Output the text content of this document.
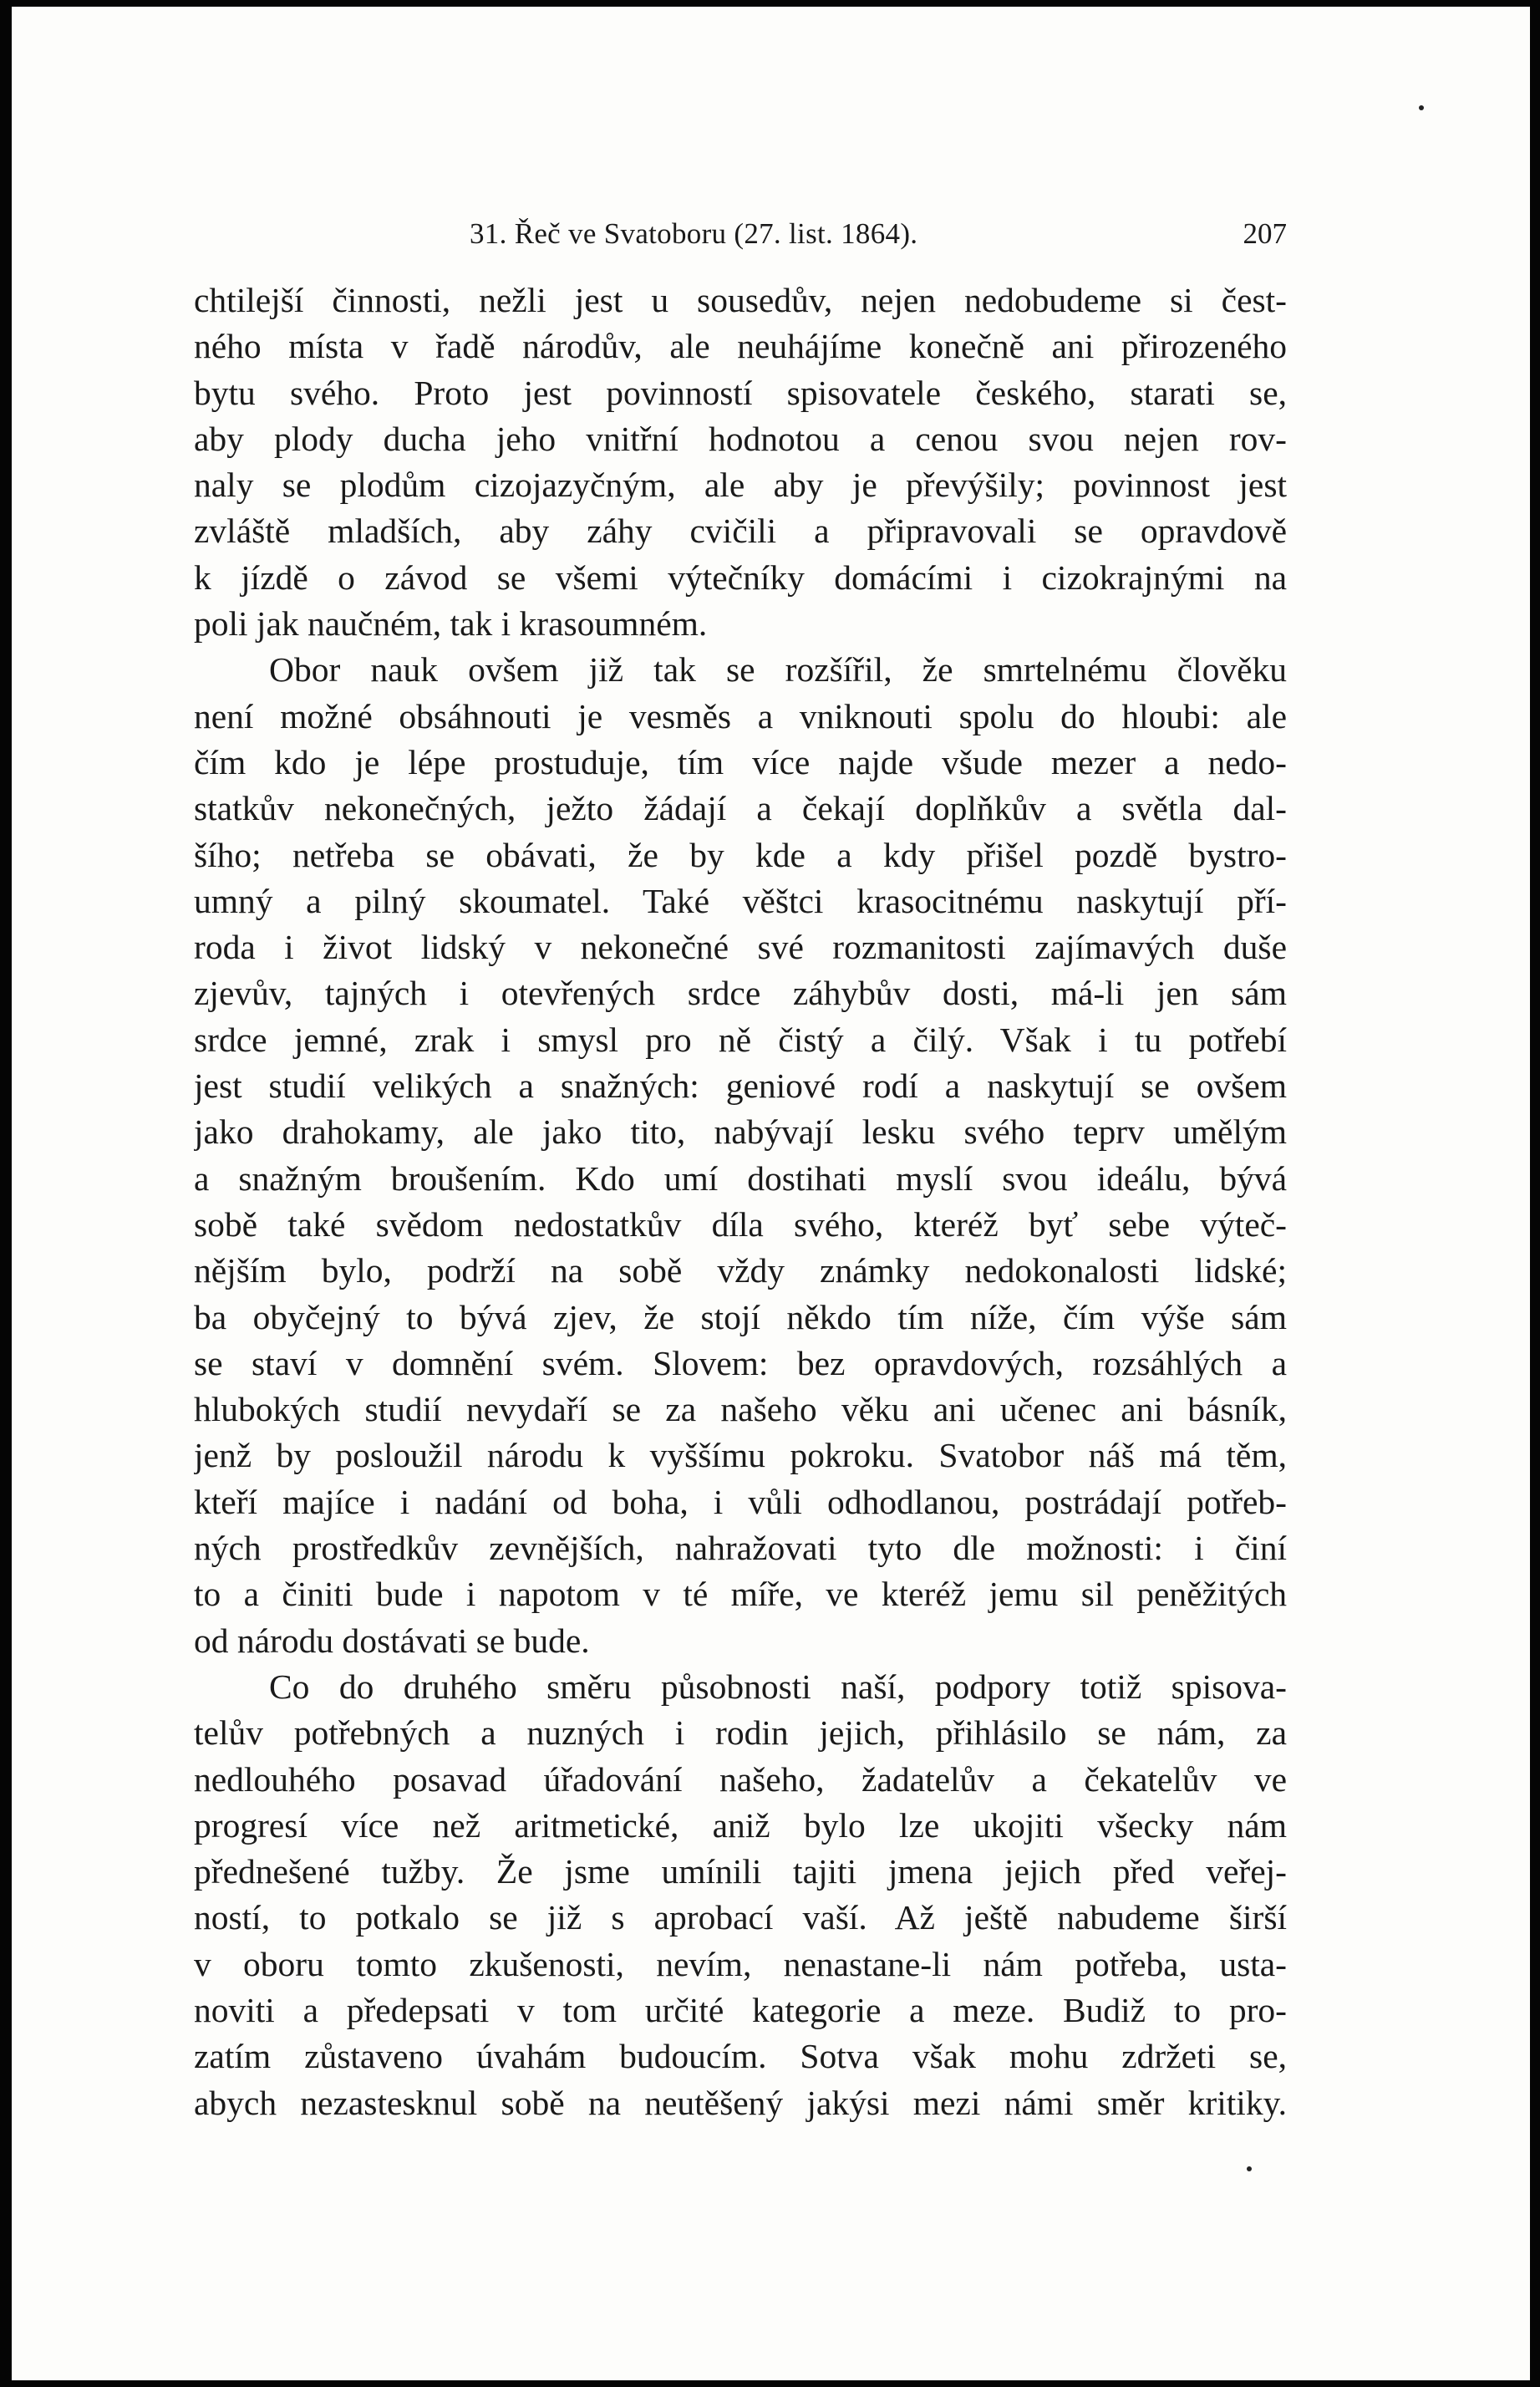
31. Řeč ve Svatoboru (27. list. 1864).	207
chtilejší činnosti, nežli jest u sousedův, nejen nedobudeme si čest-
ného místa v řadě národův, ale neuhájíme konečně ani přirozeného
bytu svého. Proto jest povinností spisovatele českého, starati se,
aby plody ducha jeho vnitřní hodnotou a cenou svou nejen rov-
naly se plodům cizojazyčným, ale aby je převýšily; povinnost jest
zvláště mladších, aby záhy cvičili a připravovali se opravdově
k jízdě o závod se všemi výtečníky domácími i cizokrajnými na
poli jak naučném, tak i krasoumném.
Obor nauk ovšem již tak se rozšířil, že smrtelnému člověku
není možné obsáhnouti je vesměs a vniknouti spolu do hloubi: ale
čím kdo je lépe prostuduje, tím více najde všude mezer a nedo-
statkův nekonečných, ježto žádají a čekají doplňkův a světla dal-
šího; netřeba se obávati, že by kde a kdy přišel pozdě bystro-
umný a pilný skoumatel. Také věštci krasocitnému naskytují pří-
roda i život lidský v nekonečné své rozmanitosti zajímavých duše
zjevův, tajných i otevřených srdce záhybův dosti, má-li jen sám
srdce jemné, zrak i smysl pro ně čistý a čilý. Však i tu potřebí
jest studií velikých a snažných: geniové rodí a naskytují se ovšem
jako drahokamy, ale jako tito, nabývají lesku svého teprv umělým
a snažným broušením. Kdo umí dostihati myslí svou ideálu, bývá
sobě také svědom nedostatkův díla svého, kteréž byť sebe výteč-
nějším bylo, podrží na sobě vždy známky nedokonalosti lidské;
ba obyčejný to bývá zjev, že stojí někdo tím níže, čím výše sám
se staví v domnění svém. Slovem: bez opravdových, rozsáhlých a
hlubokých studií nevydaří se za našeho věku ani učenec ani básník,
jenž by posloužil národu k vyššímu pokroku. Svatobor náš má těm,
kteří majíce i nadání od boha, i vůli odhodlanou, postrádají potřeb-
ných prostředkův zevnějších, nahražovati tyto dle možnosti: i činí
to a činiti bude i napotom v té míře, ve kteréž jemu sil peněžitých
od národu dostávati se bude.
Co do druhého směru působnosti naší, podpory totiž spisova-
telův potřebných a nuzných i rodin jejich, přihlásilo se nám, za
nedlouhého posavad úřadování našeho, žadatelův a čekatelův ve
progresí více než aritmetické, aniž bylo lze ukojiti všecky nám
přednešené tužby. Že jsme umínili tajiti jmena jejich před veřej-
ností, to potkalo se již s aprobací vaší. Až ještě nabudeme širší
v oboru tomto zkušenosti, nevím, nenastane-li nám potřeba, usta-
noviti a předepsati v tom určité kategorie a meze. Budiž to pro-
zatím zůstaveno úvahám budoucím. Sotva však mohu zdržeti se,
abych nezastesknul sobě na neutěšený jakýsi mezi námi směr kritiky.
